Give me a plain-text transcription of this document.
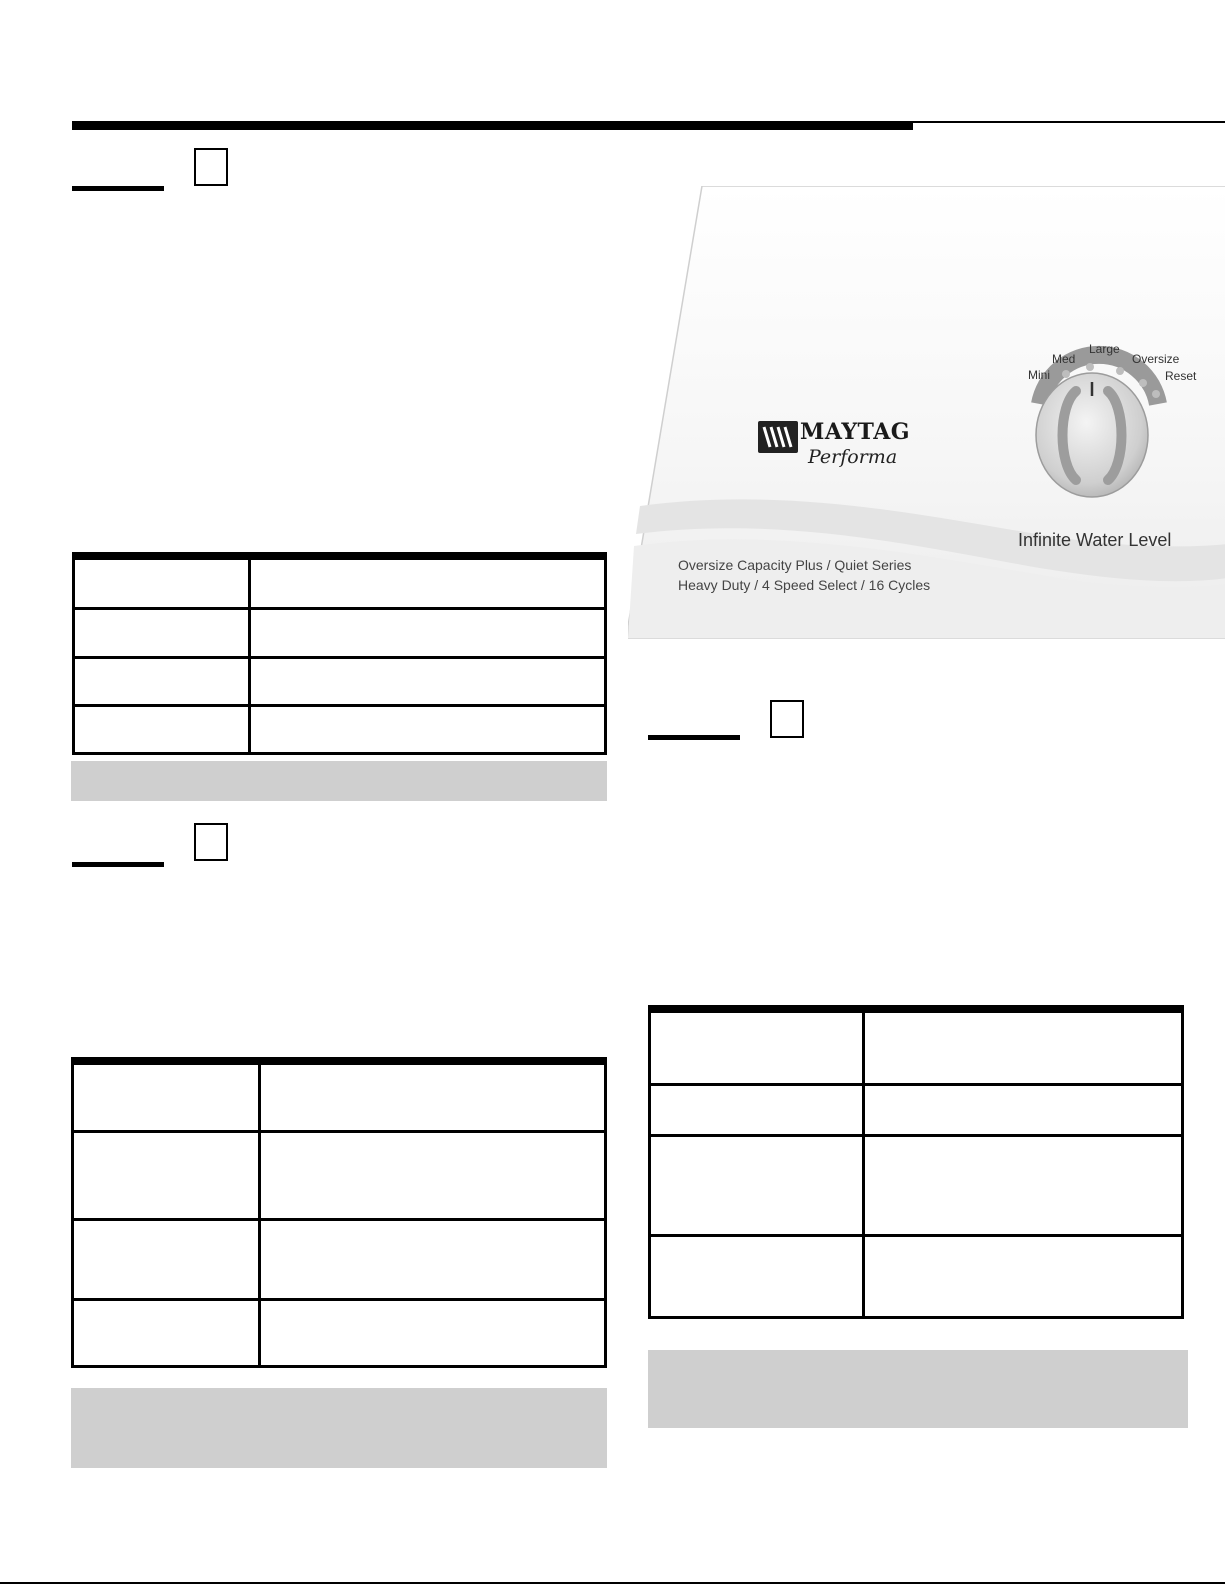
MAYTAG
Performa
Mini
Med
Large
Oversize
Reset
Infinite Water Level
Oversize Capacity Plus / Quiet Series
Heavy Duty / 4 Speed Select / 16 Cycles
